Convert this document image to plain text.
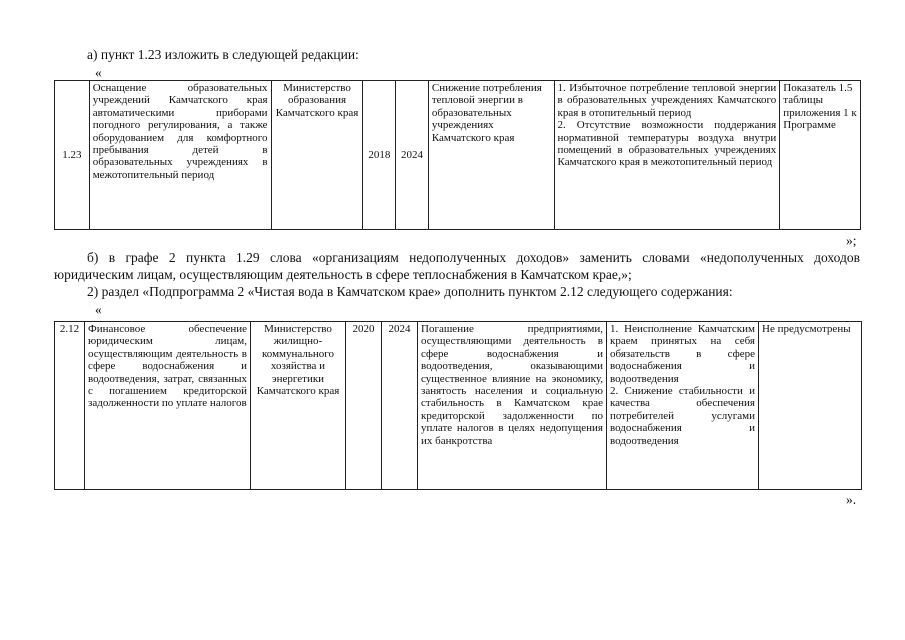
а) пункт 1.23 изложить в следующей редакции:
«
1.23	Оснащение образовательных учреждений Камчатского края автоматическими приборами погодного регулирования, а также оборудованием для комфортного пребывания детей в образовательных учреждениях в межотопительный период	Министерство образования Камчатского края	2018	2024	Снижение потребления тепловой энергии в образовательных учреждениях Камчатского края	
1. Избыточное потребление тепловой энергии в образовательных учреждениях Камчатского края в отопительный период
2. Отсутствие возможности поддержания нормативной температуры воздуха внутри помещений в образовательных учреждениях Камчатского края в межотопительный период
	Показатель 1.5 таблицы приложения 1 к Программе
»;
б) в графе 2 пункта 1.29 слова «организациям недополученных доходов» заменить словами «недополученных доходов
юридическим лицам, осуществляющим деятельность в сфере теплоснабжения в Камчатском крае,»;
2) раздел «Подпрограмма 2 «Чистая вода в Камчатском крае» дополнить пунктом 2.12 следующего содержания:
«
2.12	Финансовое обеспечение юридическим лицам, осуществляющим деятельность в сфере водоснабжения и водоотведения, затрат, связанных с погашением кредиторской задолженности по уплате налогов	Министерство жилищно-коммунального хозяйства и энергетики Камчатского края	2020	2024	Погашение предприятиями, осуществляющими деятельность в сфере водоснабжения и водоотведения, оказывающими существенное влияние на экономику, занятость населения и социальную стабильность в Камчатском крае кредиторской задолженности по уплате налогов в целях недопущения их банкротства	
1. Неисполнение Камчатским краем принятых на себя обязательств в сфере водоснабжения и водоотведения
2. Снижение стабильности и качества обеспечения потребителей услугами водоснабжения и водоотведения
	Не предусмотрены
».
